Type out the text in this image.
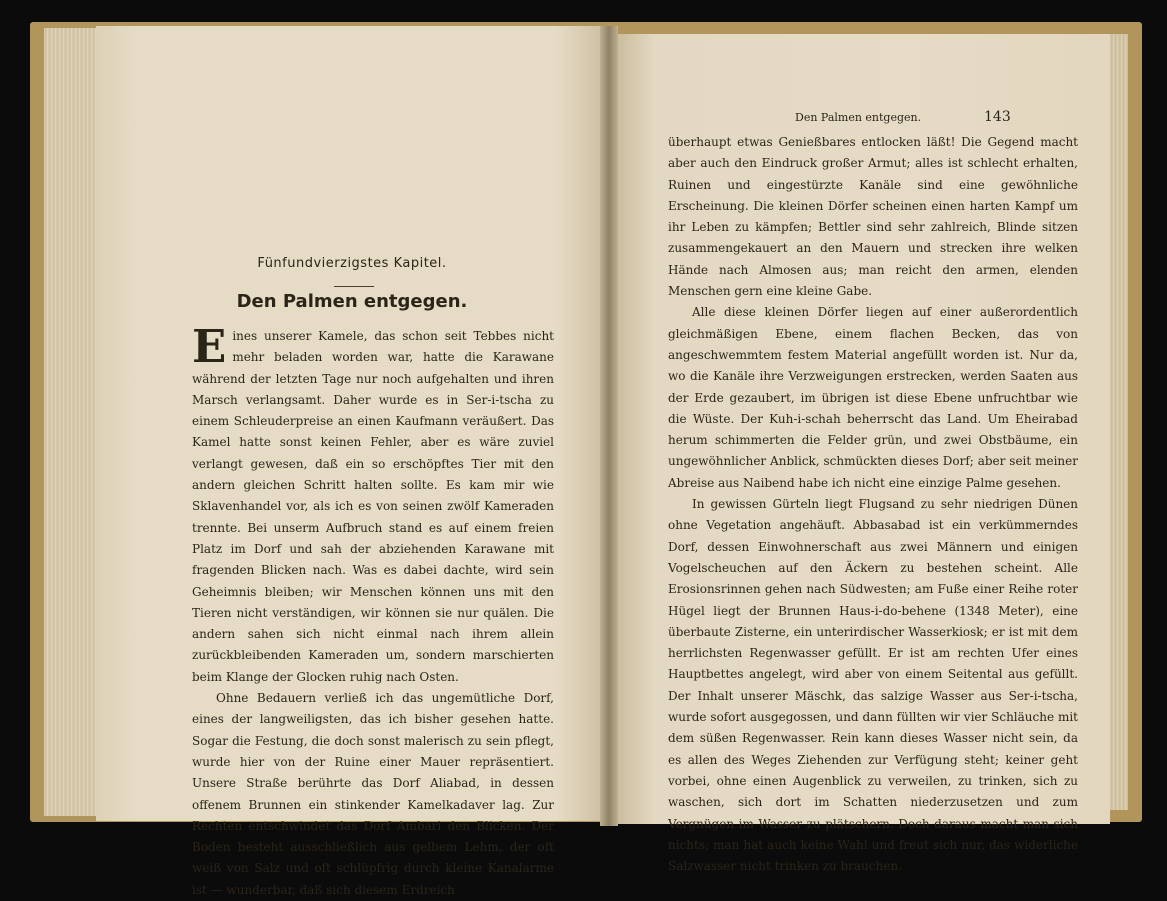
Fünfundvierzigstes Kapitel.
Den Palmen entgegen.

Eines unserer Kamele, das schon seit Tebbes nicht mehr beladen worden war, hatte die Karawane während der letzten Tage nur noch aufgehalten und ihren Marsch verlangsamt. Daher wurde es in Ser-i-tscha zu einem Schleuderpreise an einen Kaufmann veräußert. Das Kamel hatte sonst keinen Fehler, aber es wäre zuviel verlangt gewesen, daß ein so erschöpftes Tier mit den andern gleichen Schritt halten sollte. Es kam mir wie Sklavenhandel vor, als ich es von seinen zwölf Kameraden trennte. Bei unserm Aufbruch stand es auf einem freien Platz im Dorf und sah der abziehenden Karawane mit fragenden Blicken nach. Was es dabei dachte, wird sein Geheimnis bleiben; wir Menschen können uns mit den Tieren nicht verständigen, wir können sie nur quälen. Die andern sahen sich nicht einmal nach ihrem allein zurückbleibenden Kameraden um, sondern marschierten beim Klange der Glocken ruhig nach Osten.

Ohne Bedauern verließ ich das ungemütliche Dorf, eines der langweiligsten, das ich bisher gesehen hatte. Sogar die Festung, die doch sonst malerisch zu sein pflegt, wurde hier von der Ruine einer Mauer repräsentiert. Unsere Straße berührte das Dorf Aliabad, in dessen offenem Brunnen ein stinkender Kamelkadaver lag. Zur Rechten entschwindet das Dorf Ambari den Blicken. Der Boden besteht ausschließlich aus gelbem Lehm, der oft weiß von Salz und oft schlüpfrig durch kleine Kanalarme ist — wunderbar, daß sich diesem Erdreich

Den Palmen entgegen.	143

überhaupt etwas Genießbares entlocken läßt! Die Gegend macht aber auch den Eindruck großer Armut; alles ist schlecht erhalten, Ruinen und eingestürzte Kanäle sind eine gewöhnliche Erscheinung. Die kleinen Dörfer scheinen einen harten Kampf um ihr Leben zu kämpfen; Bettler sind sehr zahlreich, Blinde sitzen zusammengekauert an den Mauern und strecken ihre welken Hände nach Almosen aus; man reicht den armen, elenden Menschen gern eine kleine Gabe.

Alle diese kleinen Dörfer liegen auf einer außerordentlich gleichmäßigen Ebene, einem flachen Becken, das von angeschwemmtem festem Material angefüllt worden ist. Nur da, wo die Kanäle ihre Verzweigungen erstrecken, werden Saaten aus der Erde gezaubert, im übrigen ist diese Ebene unfruchtbar wie die Wüste. Der Kuh-i-schah beherrscht das Land. Um Eheirabad herum schimmerten die Felder grün, und zwei Obstbäume, ein ungewöhnlicher Anblick, schmückten dieses Dorf; aber seit meiner Abreise aus Naibend habe ich nicht eine einzige Palme gesehen.

In gewissen Gürteln liegt Flugsand zu sehr niedrigen Dünen ohne Vegetation angehäuft. Abbasabad ist ein verkümmerndes Dorf, dessen Einwohnerschaft aus zwei Männern und einigen Vogelscheuchen auf den Äckern zu bestehen scheint. Alle Erosionsrinnen gehen nach Südwesten; am Fuße einer Reihe roter Hügel liegt der Brunnen Haus-i-do-behene (1348 Meter), eine überbaute Zisterne, ein unterirdischer Wasserkiosk; er ist mit dem herrlichsten Regenwasser gefüllt. Er ist am rechten Ufer eines Hauptbettes angelegt, wird aber von einem Seitental aus gefüllt. Der Inhalt unserer Mäschk, das salzige Wasser aus Ser-i-tscha, wurde sofort ausgegossen, und dann füllten wir vier Schläuche mit dem süßen Regenwasser. Rein kann dieses Wasser nicht sein, da es allen des Weges Ziehenden zur Verfügung steht; keiner geht vorbei, ohne einen Augenblick zu verweilen, zu trinken, sich zu waschen, sich dort im Schatten niederzusetzen und zum Vergnügen im Wasser zu plätschern. Doch daraus macht man sich nichts; man hat auch keine Wahl und freut sich nur, das widerliche Salzwasser nicht trinken zu brauchen.
